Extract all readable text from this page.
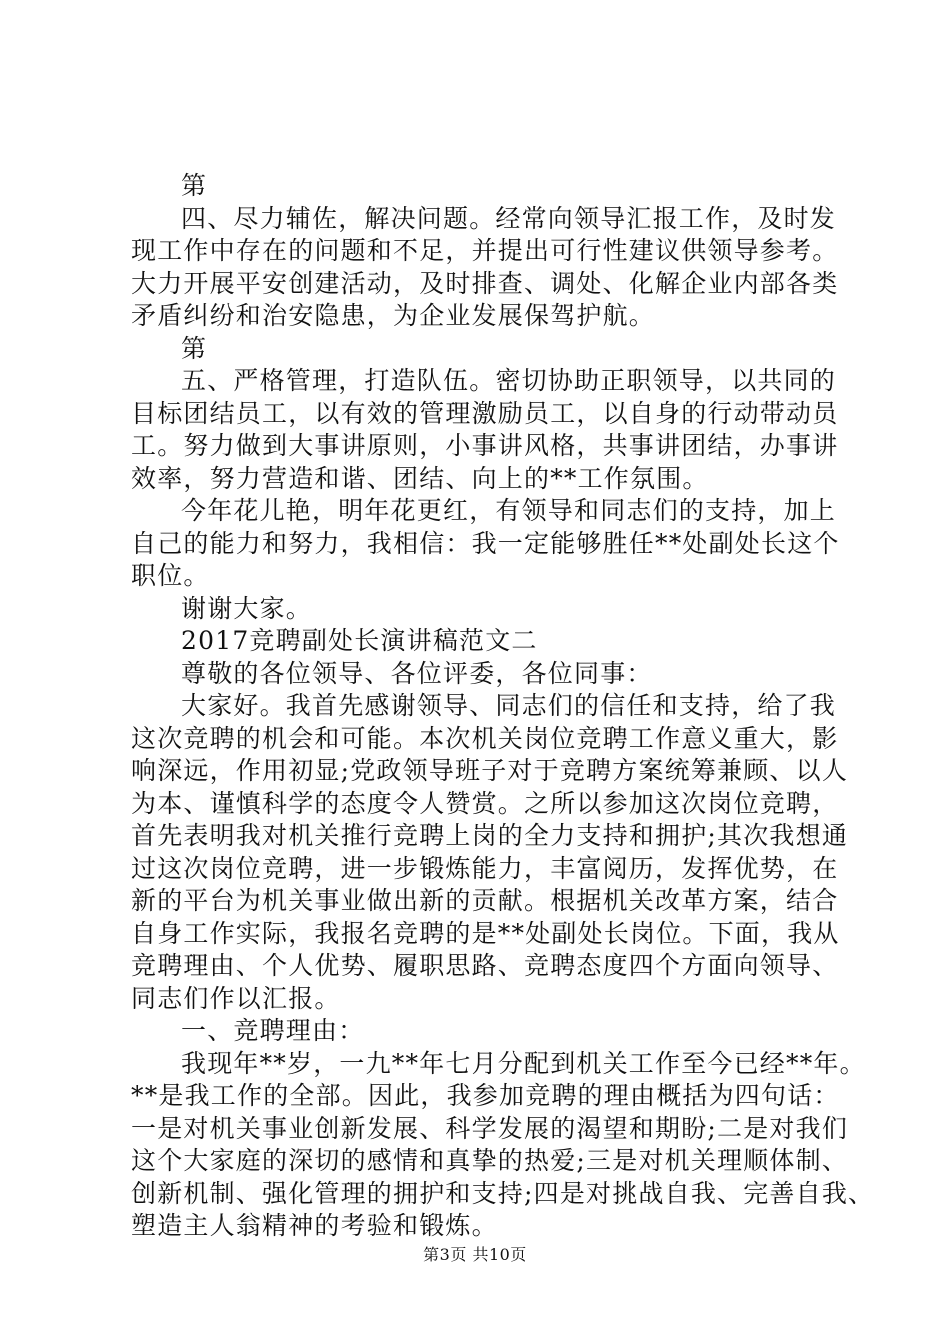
第
四、尽力辅佐，解决问题。经常向领导汇报工作，及时发
现工作中存在的问题和不足，并提出可行性建议供领导参考。
大力开展平安创建活动，及时排查、调处、化解企业内部各类
矛盾纠纷和治安隐患，为企业发展保驾护航。
第
五、严格管理，打造队伍。密切协助正职领导，以共同的
目标团结员工，以有效的管理激励员工，以自身的行动带动员
工。努力做到大事讲原则，小事讲风格，共事讲团结，办事讲
效率，努力营造和谐、团结、向上的**工作氛围。
今年花儿艳，明年花更红，有领导和同志们的支持，加上
自己的能力和努力，我相信：我一定能够胜任**处副处长这个
职位。
谢谢大家。
2017竞聘副处长演讲稿范文二
尊敬的各位领导、各位评委，各位同事：
大家好。我首先感谢领导、同志们的信任和支持，给了我
这次竞聘的机会和可能。本次机关岗位竞聘工作意义重大，影
响深远，作用初显;党政领导班子对于竞聘方案统筹兼顾、以人
为本、谨慎科学的态度令人赞赏。之所以参加这次岗位竞聘，
首先表明我对机关推行竞聘上岗的全力支持和拥护;其次我想通
过这次岗位竞聘，进一步锻炼能力，丰富阅历，发挥优势，在
新的平台为机关事业做出新的贡献。根据机关改革方案，结合
自身工作实际，我报名竞聘的是**处副处长岗位。下面，我从
竞聘理由、个人优势、履职思路、竞聘态度四个方面向领导、
同志们作以汇报。
一、竞聘理由：
我现年**岁，一九**年七月分配到机关工作至今已经**年。
**是我工作的全部。因此，我参加竞聘的理由概括为四句话：
一是对机关事业创新发展、科学发展的渴望和期盼;二是对我们
这个大家庭的深切的感情和真挚的热爱;三是对机关理顺体制、
创新机制、强化管理的拥护和支持;四是对挑战自我、完善自我、
塑造主人翁精神的考验和锻炼。
第3页 共10页
